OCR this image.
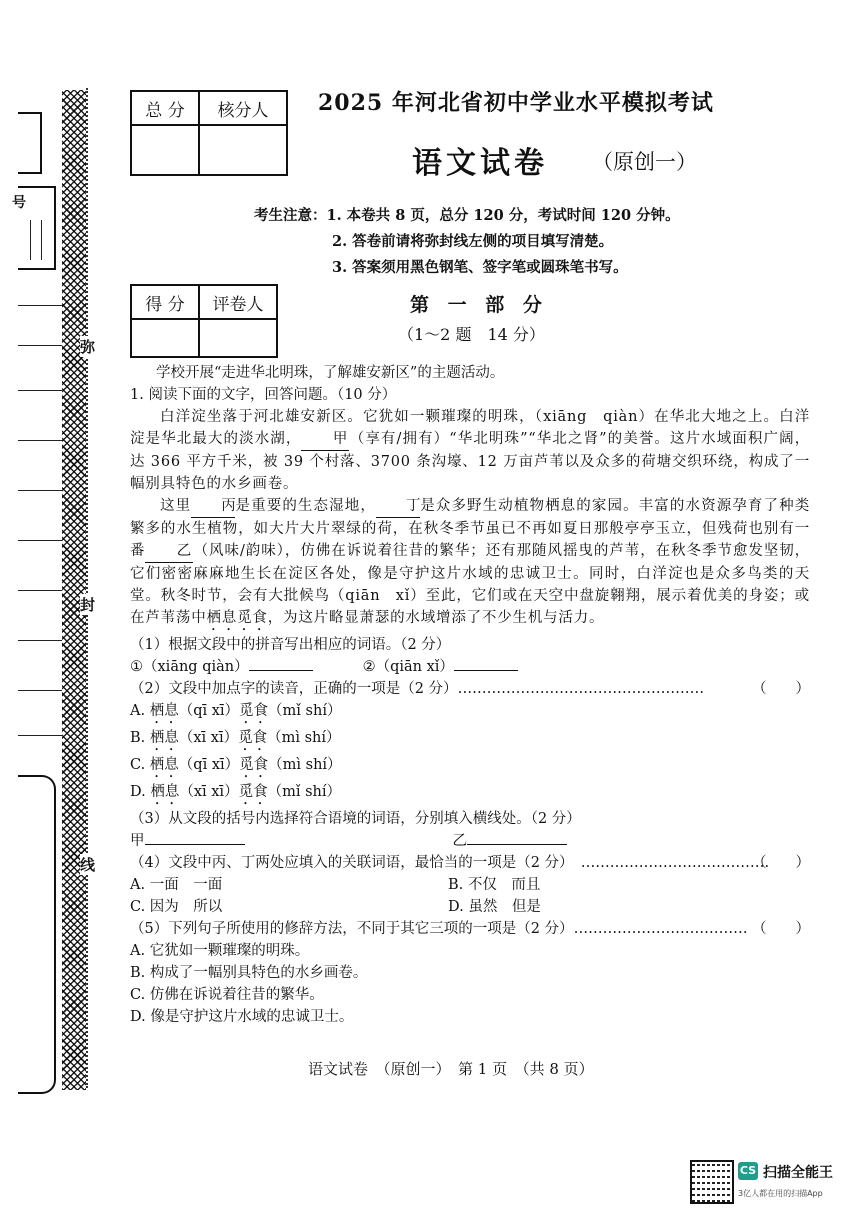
号
弥
封
线
总 分	核分人
	2025 年河北省初中学业水平模拟考试
语文试卷 （原创一）
考生注意：1. 本卷共 8 页，总分 120 分，考试时间 120 分钟。
2. 答卷前请将弥封线左侧的项目填写清楚。
3. 答案须用黑色钢笔、签字笔或圆珠笔书写。
得 分	评卷人
		第 一 部 分
（1～2 题　14 分）

学校开展“走进华北明珠，了解雄安新区”的主题活动。

1. 阅读下面的文字，回答问题。（10 分）

白洋淀坐落于河北雄安新区。它犹如一颗璀璨的明珠，（xiāng　qiàn）在华北大地之上。白洋淀是华北最大的淡水湖， 甲（享有/拥有）“华北明珠”“华北之肾”的美誉。这片水域面积广阔，达 366 平方千米，被 39 个村落、3700 条沟壕、12 万亩芦苇以及众多的荷塘交织环绕，构成了一幅别具特色的水乡画卷。

这里 丙是重要的生态湿地， 丁是众多野生动植物栖息的家园。丰富的水资源孕育了种类繁多的水生植物，如大片大片翠绿的荷，在秋冬季节虽已不再如夏日那般亭亭玉立，但残荷也别有一番 乙（风味/韵味），仿佛在诉说着往昔的繁华；还有那随风摇曳的芦苇，在秋冬季节愈发坚韧，它们密密麻麻地生长在淀区各处，像是守护这片水域的忠诚卫士。同时，白洋淀也是众多鸟类的天堂。秋冬时节，会有大批候鸟（qiān　xǐ）至此，它们或在天空中盘旋翱翔，展示着优美的身姿；或在芦苇荡中栖息觅食，为这片略显萧瑟的水域增添了不少生机与活力。

（1）根据文段中的拼音写出相应的词语。（2 分）

①（xiāng qiàn）	②（qiān xǐ）

（2）文段中加点字的读音，正确的一项是（2 分）……………………………………………	（　　）

A. 栖息（qī xī）觅食（mǐ shí）

B. 栖息（xī xī）觅食（mì shí）

C. 栖息（qī xī）觅食（mì shí）

D. 栖息（xī xī）觅食（mǐ shí）

（3）从文段的括号内选择符合语境的词语，分别填入横线处。（2 分）

甲	乙

（4）文段中丙、丁两处应填入的关联词语，最恰当的一项是（2 分）　…………………………………
（　　）

A. 一面　一面	B. 不仅　而且

C. 因为　所以	D. 虽然　但是

（5）下列句子所使用的修辞方法，不同于其它三项的一项是（2 分）……………………………… （　　）

A. 它犹如一颗璀璨的明珠。

B. 构成了一幅别具特色的水乡画卷。

C. 仿佛在诉说着往昔的繁华。

D. 像是守护这片水域的忠诚卫士。

语文试卷　（原创一）　第 1 页　（共 8 页）
CS 扫描全能王
3亿人都在用的扫描App
